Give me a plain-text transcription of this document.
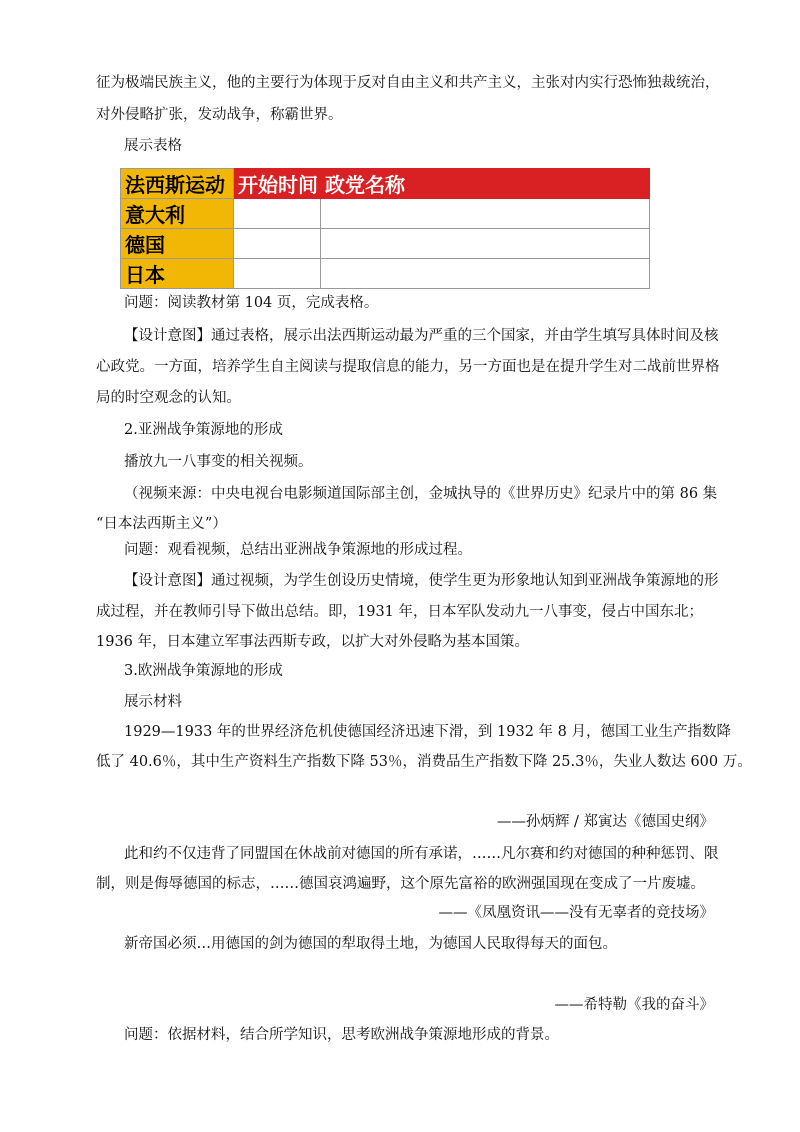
征为极端民族主义，他的主要行为体现于反对自由主义和共产主义，主张对内实行恐怖独裁统治，
对外侵略扩张，发动战争，称霸世界。
展示表格
法西斯运动	开始时间	政党名称
意大利		
德国		
日本		
问题：阅读教材第 104 页，完成表格。
【设计意图】通过表格，展示出法西斯运动最为严重的三个国家，并由学生填写具体时间及核
心政党。一方面，培养学生自主阅读与提取信息的能力，另一方面也是在提升学生对二战前世界格
局的时空观念的认知。
2.亚洲战争策源地的形成
播放九一八事变的相关视频。
（视频来源：中央电视台电影频道国际部主创，金城执导的《世界历史》纪录片中的第 86 集
“日本法西斯主义”）
问题：观看视频，总结出亚洲战争策源地的形成过程。
【设计意图】通过视频，为学生创设历史情境，使学生更为形象地认知到亚洲战争策源地的形
成过程，并在教师引导下做出总结。即，1931 年，日本军队发动九一八事变，侵占中国东北；
1936 年，日本建立军事法西斯专政，以扩大对外侵略为基本国策。
3.欧洲战争策源地的形成
展示材料
1929—1933 年的世界经济危机使德国经济迅速下滑，到 1932 年 8 月，德国工业生产指数降
低了 40.6％，其中生产资料生产指数下降 53％，消费品生产指数下降 25.3％，失业人数达 600 万。
——孙炳辉 / 郑寅达《德国史纲》
此和约不仅违背了同盟国在休战前对德国的所有承诺，……凡尔赛和约对德国的种种惩罚、限
制，则是侮辱德国的标志，……德国哀鸿遍野，这个原先富裕的欧洲强国现在变成了一片废墟。
——《凤凰资讯——没有无辜者的竞技场》
新帝国必须…用德国的剑为德国的犁取得土地，为德国人民取得每天的面包。
——希特勒《我的奋斗》
问题：依据材料，结合所学知识，思考欧洲战争策源地形成的背景。
